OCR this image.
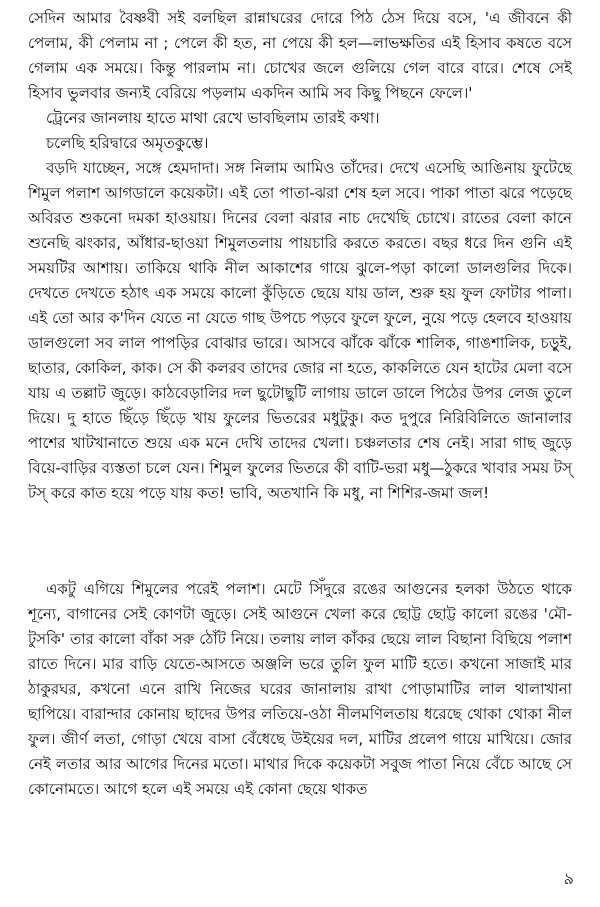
সেদিন আমার বৈষ্ণবী সই বলছিল রান্নাঘরের দোরে পিঠ ঠেস দিয়ে বসে, 'এ জীবনে কী পেলাম, কী পেলাম না ; পেলে কী হত, না পেয়ে কী হল—লাভক্ষতির এই হিসাব কষতে বসে গেলাম এক সময়ে। কিন্তু পারলাম না। চোখের জলে গুলিয়ে গেল বারে বারে। শেষে সেই হিসাব ভুলবার জন্যই বেরিয়ে পড়লাম একদিন আমি সব কিছু পিছনে ফেলে।'

ট্রেনের জানলায় হাতে মাথা রেখে ভাবছিলাম তারই কথা।

চলেছি হরিদ্বারে অমৃতকুম্ভে।

বড়দি যাচ্ছেন, সঙ্গে হেমদাদা। সঙ্গ নিলাম আমিও তাঁদের। দেখে এসেছি আঙিনায় ফুটেছে শিমুল পলাশ আগডালে কয়েকটা। এই তো পাতা-ঝরা শেষ হল সবে। পাকা পাতা ঝরে পড়েছে অবিরত শুকনো দমকা হাওয়ায়। দিনের বেলা ঝরার নাচ দেখেছি চোখে। রাতের বেলা কানে শুনেছি ঝংকার, আঁধার-ছাওয়া শিমুলতলায় পায়চারি করতে করতে। বছর ধরে দিন গুনি এই সময়টির আশায়। তাকিয়ে থাকি নীল আকাশের গায়ে ঝুলে-পড়া কালো ডালগুলির দিকে। দেখতে দেখতে হঠাৎ এক সময়ে কালো কুঁড়িতে ছেয়ে যায় ডাল, শুরু হয় ফুল ফোটার পালা। এই তো আর ক'দিন যেতে না যেতে গাছ উপচে পড়বে ফুলে ফুলে, নুয়ে পড়ে হেলবে হাওয়ায় ডালগুলো সব লাল পাপড়ির বোঝার ভারে। আসবে ঝাঁকে ঝাঁকে শালিক, গাঙশালিক, চড়ুই, ছাতার, কোকিল, কাক। সে কী কলরব তাদের জোর না হতে, কাকলিতে যেন হাটের মেলা বসে যায় এ তল্লাট জুড়ে। কাঠবেড়ালির দল ছুটোছুটি লাগায় ডালে ডালে পিঠের উপর লেজ তুলে দিয়ে। দু হাতে ছিঁড়ে ছিঁড়ে খায় ফুলের ভিতরের মধুটুকু। কত দুপুরে নিরিবিলিতে জানালার পাশের খাটখানাতে শুয়ে এক মনে দেখি তাদের খেলা। চঞ্চলতার শেষ নেই। সারা গাছ জুড়ে বিয়ে-বাড়ির ব্যস্ততা চলে যেন। শিমুল ফুলের ভিতরে কী বাটি-ভরা মধু—ঠুকরে খাবার সময় টস্ টস্ করে কাত হয়ে পড়ে যায় কত! ভাবি, অতখানি কি মধু, না শিশির-জমা জল!

একটু এগিয়ে শিমুলের পরেই পলাশ। মেটে সিঁদুরে রঙের আগুনের হলকা উঠতে থাকে শূন্যে, বাগানের সেই কোণটা জুড়ে। সেই আগুনে খেলা করে ছোট্ট ছোট্ট কালো রঙের 'মৌ-টুসকি' তার কালো বাঁকা সরু ঠোঁট নিয়ে। তলায় লাল কাঁকর ছেয়ে লাল বিছানা বিছিয়ে পলাশ রাতে দিনে। মার বাড়ি যেতে-আসতে অঞ্জলি ভরে তুলি ফুল মাটি হতে। কখনো সাজাই মার ঠাকুরঘর, কখনো এনে রাখি নিজের ঘরের জানালায় রাখা পোড়ামাটির লাল থালাখানা ছাপিয়ে। বারান্দার কোনায় ছাদের উপর লতিয়ে-ওঠা নীলমণিলতায় ধরেছে থোকা থোকা নীল ফুল। জীর্ণ লতা, গোড়া খেয়ে বাসা বেঁধেছে উইয়ের দল, মাটির প্রলেপ গায়ে মাখিয়ে। জোর নেই লতার আর আগের দিনের মতো। মাথার দিকে কয়েকটা সবুজ পাতা নিয়ে বেঁচে আছে সে কোনোমতে। আগে হলে এই সময়ে এই কোনা ছেয়ে থাকত

৯
